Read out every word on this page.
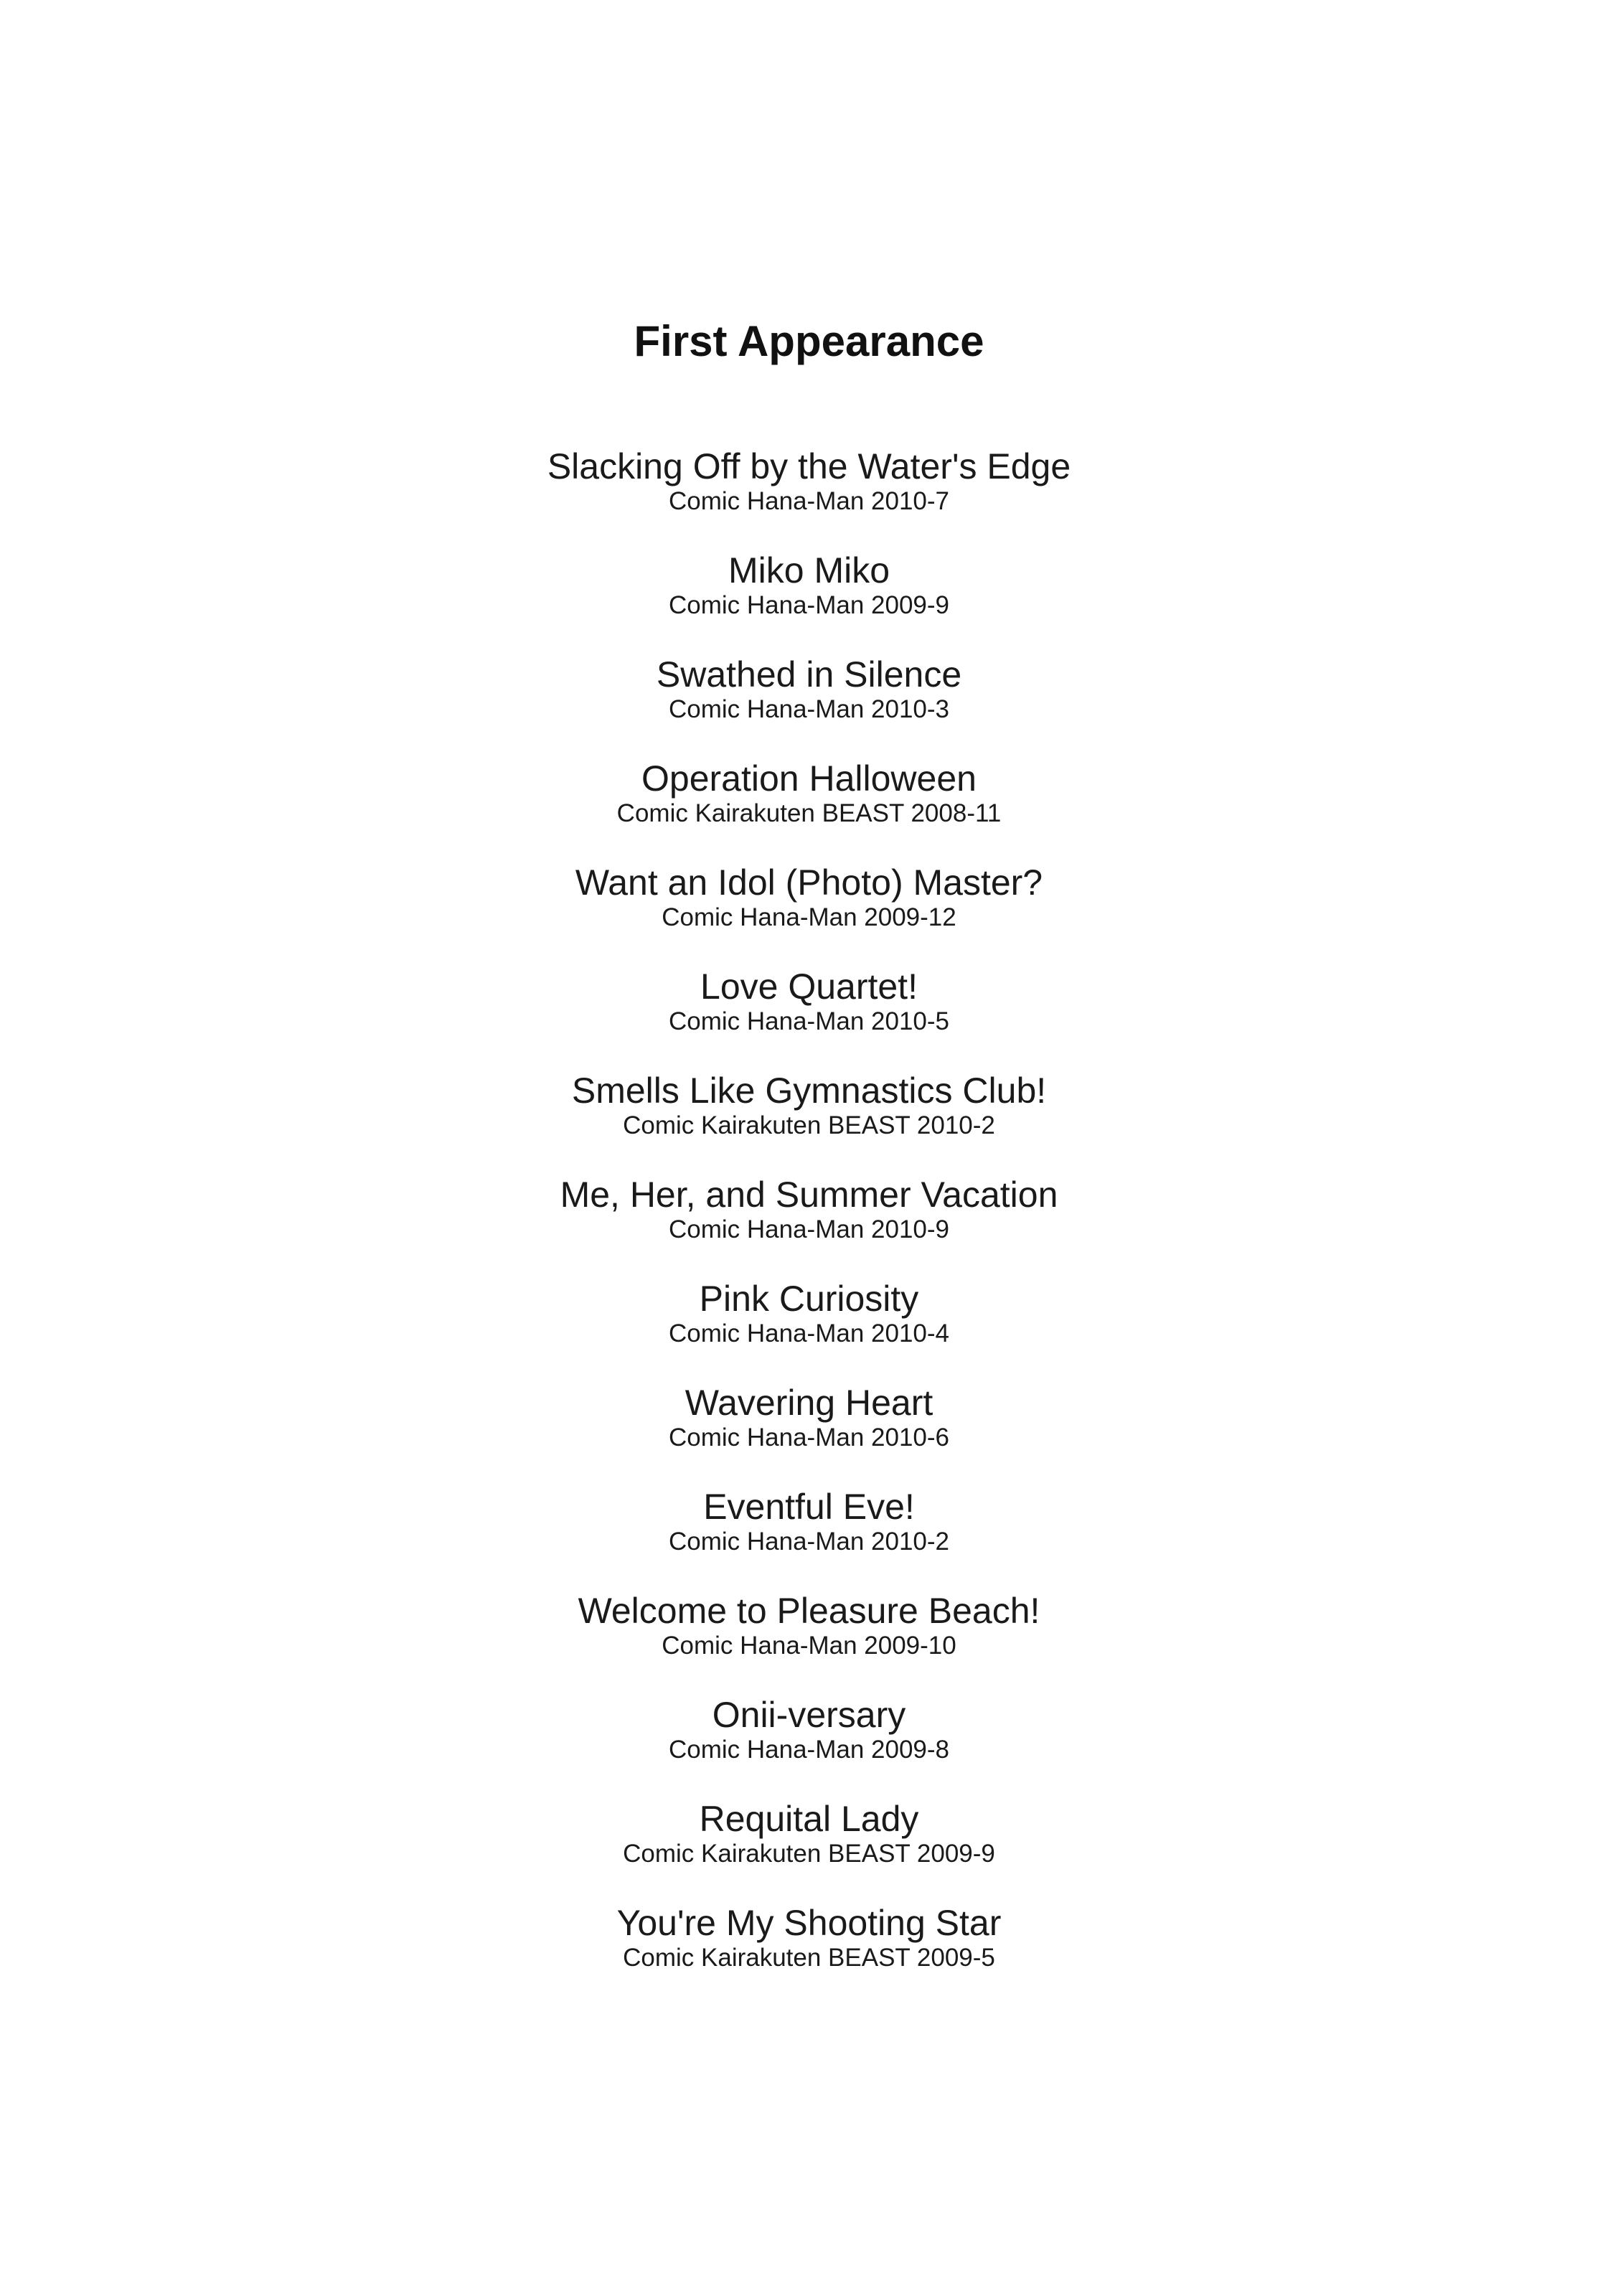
First Appearance
Slacking Off by the Water's Edge
Comic Hana-Man 2010-7
Miko Miko
Comic Hana-Man 2009-9
Swathed in Silence
Comic Hana-Man 2010-3
Operation Halloween
Comic Kairakuten BEAST 2008-11
Want an Idol (Photo) Master?
Comic Hana-Man 2009-12
Love Quartet!
Comic Hana-Man 2010-5
Smells Like Gymnastics Club!
Comic Kairakuten BEAST 2010-2
Me, Her, and Summer Vacation
Comic Hana-Man 2010-9
Pink Curiosity
Comic Hana-Man 2010-4
Wavering Heart
Comic Hana-Man 2010-6
Eventful Eve!
Comic Hana-Man 2010-2
Welcome to Pleasure Beach!
Comic Hana-Man 2009-10
Onii-versary
Comic Hana-Man 2009-8
Requital Lady
Comic Kairakuten BEAST 2009-9
You're My Shooting Star
Comic Kairakuten BEAST 2009-5
